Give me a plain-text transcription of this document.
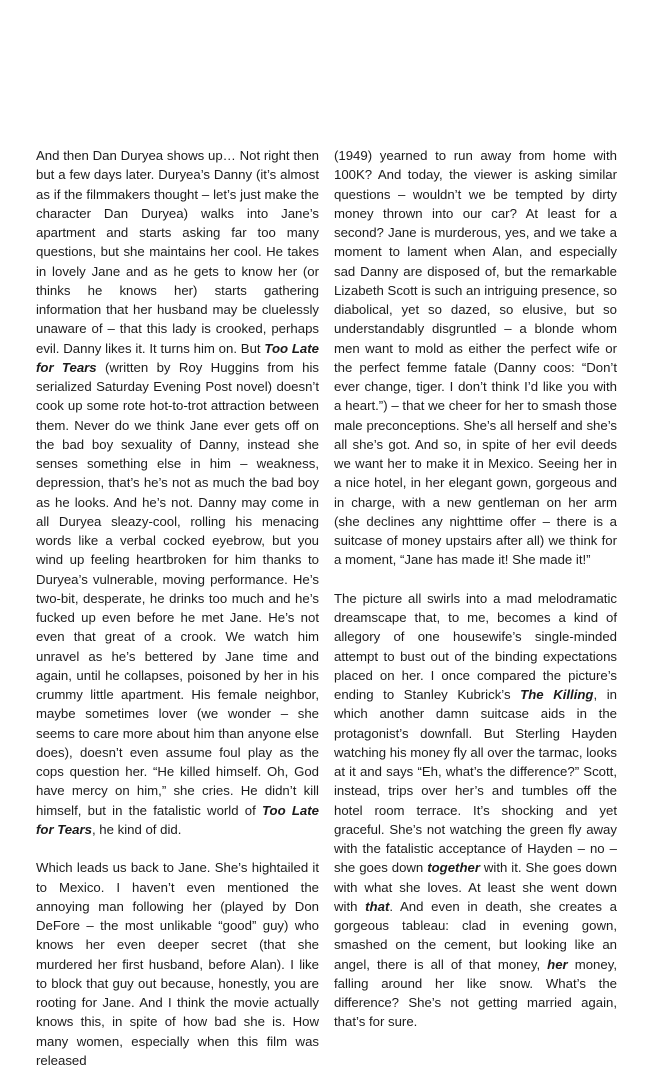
And then Dan Duryea shows up… Not right then but a few days later. Duryea’s Danny (it’s almost as if the filmmakers thought – let’s just make the character Dan Duryea) walks into Jane’s apartment and starts asking far too many questions, but she maintains her cool. He takes in lovely Jane and as he gets to know her (or thinks he knows her) starts gathering information that her husband may be cluelessly unaware of – that this lady is crooked, perhaps evil. Danny likes it. It turns him on. But Too Late for Tears (written by Roy Huggins from his serialized Saturday Evening Post novel) doesn’t cook up some rote hot-to-trot attraction between them. Never do we think Jane ever gets off on the bad boy sexuality of Danny, instead she senses something else in him – weakness, depression, that’s he’s not as much the bad boy as he looks. And he’s not. Danny may come in all Duryea sleazy-cool, rolling his menacing words like a verbal cocked eyebrow, but you wind up feeling heartbroken for him thanks to Duryea’s vulnerable, moving performance. He’s two-bit, desperate, he drinks too much and he’s fucked up even before he met Jane. He’s not even that great of a crook. We watch him unravel as he’s bettered by Jane time and again, until he collapses, poisoned by her in his crummy little apartment. His female neighbor, maybe sometimes lover (we wonder – she seems to care more about him than anyone else does), doesn’t even assume foul play as the cops question her. “He killed himself. Oh, God have mercy on him,” she cries. He didn’t kill himself, but in the fatalistic world of Too Late for Tears, he kind of did.

Which leads us back to Jane. She’s hightailed it to Mexico. I haven’t even mentioned the annoying man following her (played by Don DeFore – the most unlikable “good” guy) who knows her even deeper secret (that she murdered her first husband, before Alan). I like to block that guy out because, honestly, you are rooting for Jane. And I think the movie actually knows this, in spite of how bad she is. How many women, especially when this film was released

(1949) yearned to run away from home with 100K? And today, the viewer is asking similar questions – wouldn’t we be tempted by dirty money thrown into our car? At least for a second? Jane is murderous, yes, and we take a moment to lament when Alan, and especially sad Danny are disposed of, but the remarkable Lizabeth Scott is such an intriguing presence, so diabolical, yet so dazed, so elusive, but so understandably disgruntled – a blonde whom men want to mold as either the perfect wife or the perfect femme fatale (Danny coos: “Don’t ever change, tiger. I don’t think I’d like you with a heart.”) – that we cheer for her to smash those male preconceptions. She’s all herself and she’s all she’s got. And so, in spite of her evil deeds we want her to make it in Mexico. Seeing her in a nice hotel, in her elegant gown, gorgeous and in charge, with a new gentleman on her arm (she declines any nighttime offer – there is a suitcase of money upstairs after all) we think for a moment, “Jane has made it! She made it!”

The picture all swirls into a mad melodramatic dreamscape that, to me, becomes a kind of allegory of one housewife’s single-minded attempt to bust out of the binding expectations placed on her. I once compared the picture’s ending to Stanley Kubrick’s The Killing, in which another damn suitcase aids in the protagonist’s downfall. But Sterling Hayden watching his money fly all over the tarmac, looks at it and says “Eh, what’s the difference?” Scott, instead, trips over her’s and tumbles off the hotel room terrace. It’s shocking and yet graceful. She’s not watching the green fly away with the fatalistic acceptance of Hayden – no – she goes down together with it. She goes down with what she loves. At least she went down with that. And even in death, she creates a gorgeous tableau: clad in evening gown, smashed on the cement, but looking like an angel, there is all of that money, her money, falling around her like snow. What’s the difference? She’s not getting married again, that’s for sure.
